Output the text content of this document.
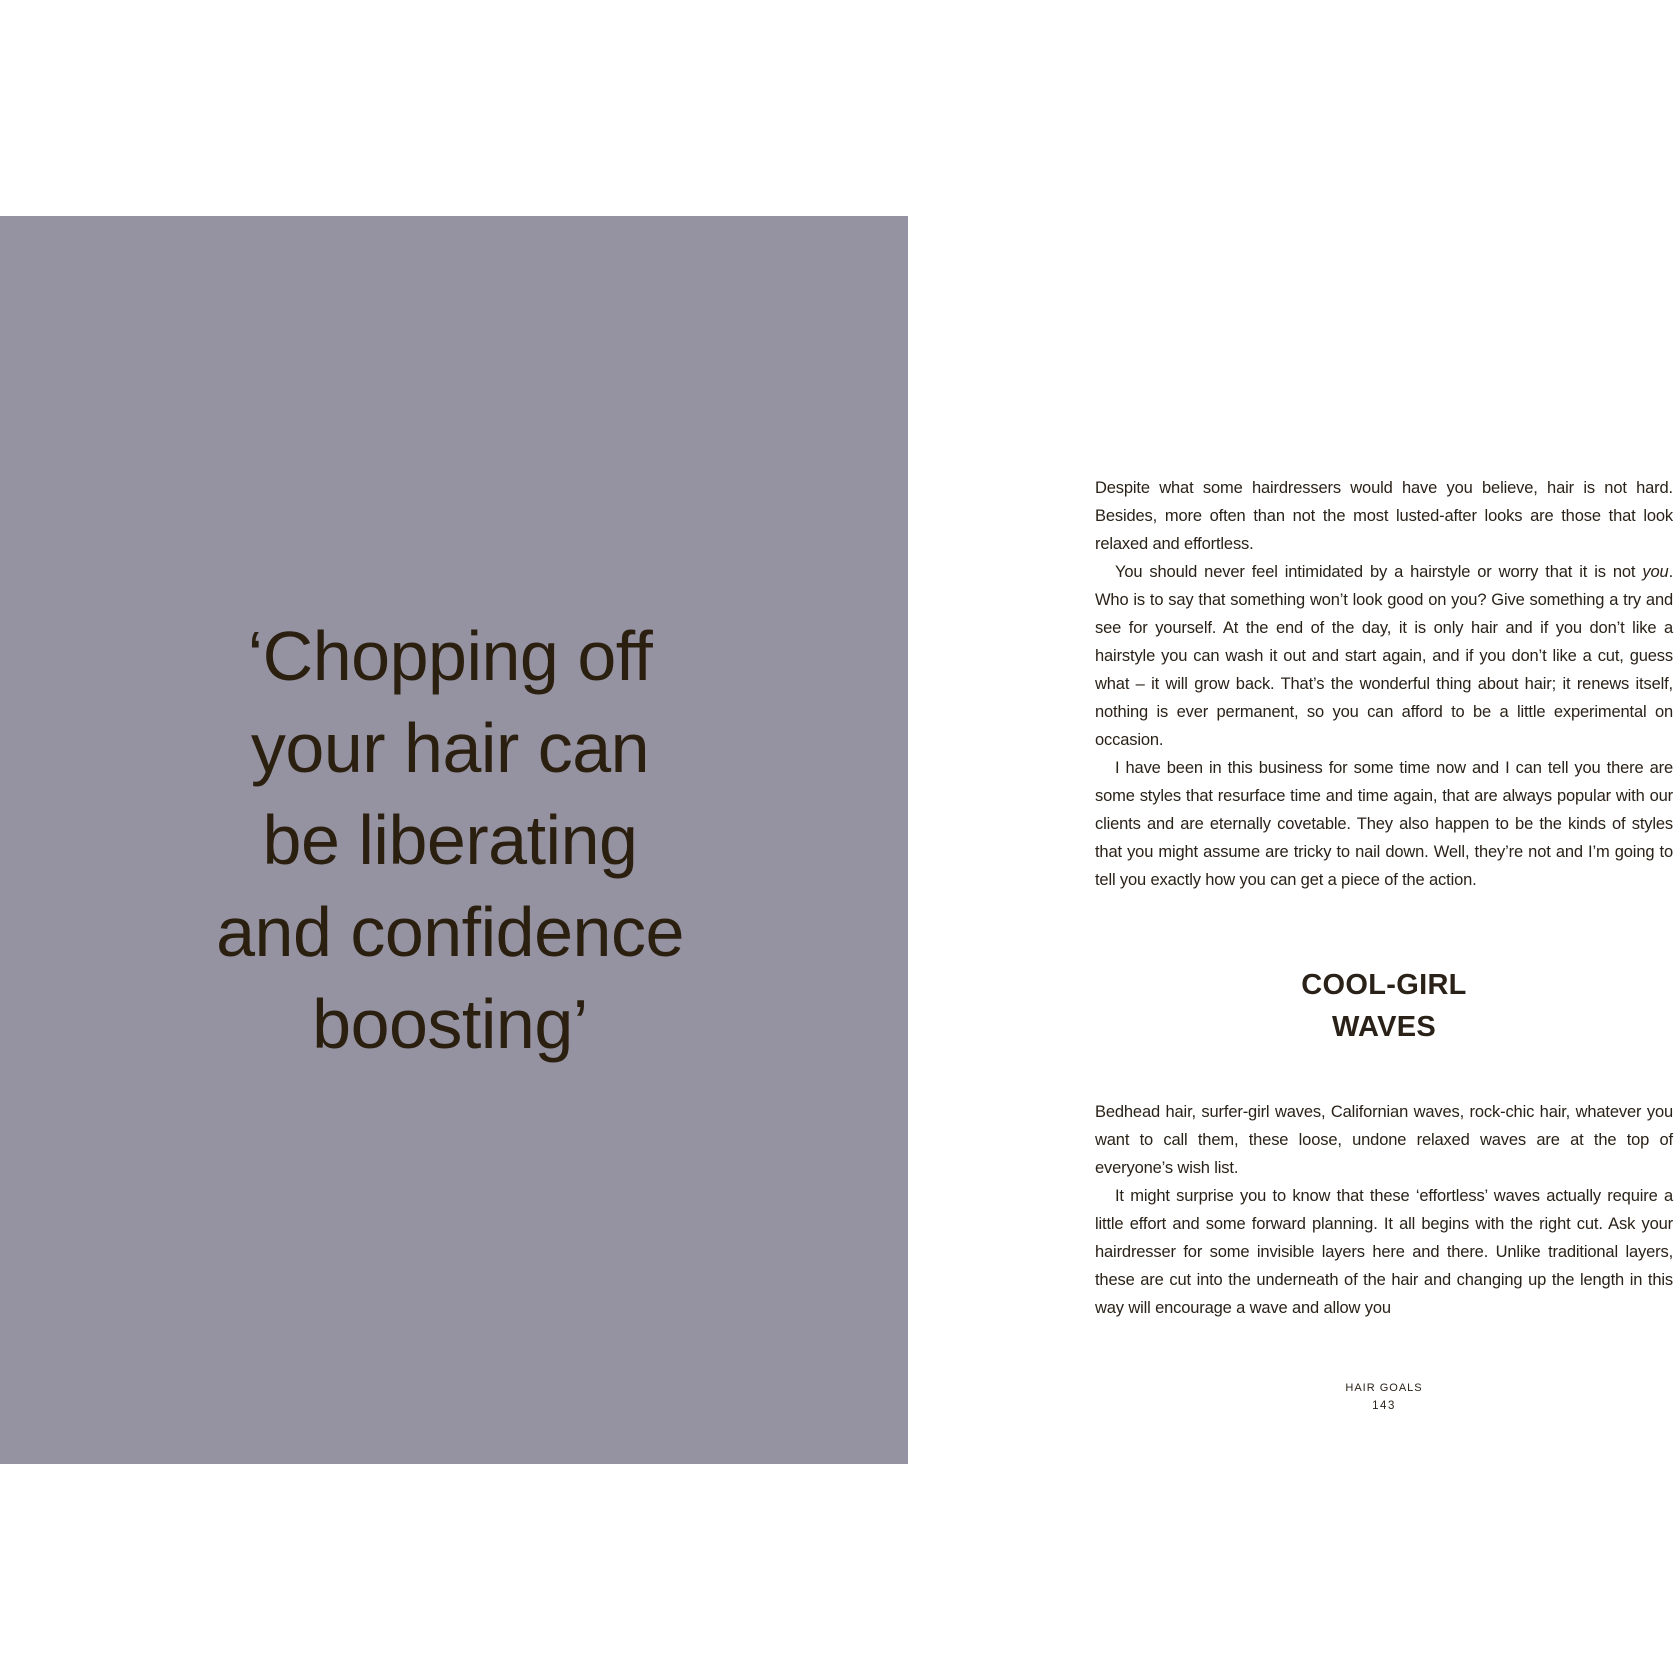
‘Chopping off
your hair can
be liberating
and confidence
boosting’

Despite what some hairdressers would have you believe, hair is not hard. Besides, more often than not the most lusted-after looks are those that look relaxed and effortless.

You should never feel intimidated by a hairstyle or worry that it is not you. Who is to say that something won’t look good on you? Give something a try and see for yourself. At the end of the day, it is only hair and if you don’t like a hairstyle you can wash it out and start again, and if you don’t like a cut, guess what – it will grow back. That’s the wonderful thing about hair; it renews itself, nothing is ever permanent, so you can afford to be a little experimental on occasion.

I have been in this business for some time now and I can tell you there are some styles that resurface time and time again, that are always popular with our clients and are eternally covetable. They also happen to be the kinds of styles that you might assume are tricky to nail down. Well, they’re not and I’m going to tell you exactly how you can get a piece of the action.

COOL-GIRL
WAVES

Bedhead hair, surfer-girl waves, Californian waves, rock-chic hair, whatever you want to call them, these loose, undone relaxed waves are at the top of everyone’s wish list.

It might surprise you to know that these ‘effortless’ waves actually require a little effort and some forward planning. It all begins with the right cut. Ask your hairdresser for some invisible layers here and there. Unlike traditional layers, these are cut into the underneath of the hair and changing up the length in this way will encourage a wave and allow you

HAIR GOALS
143
